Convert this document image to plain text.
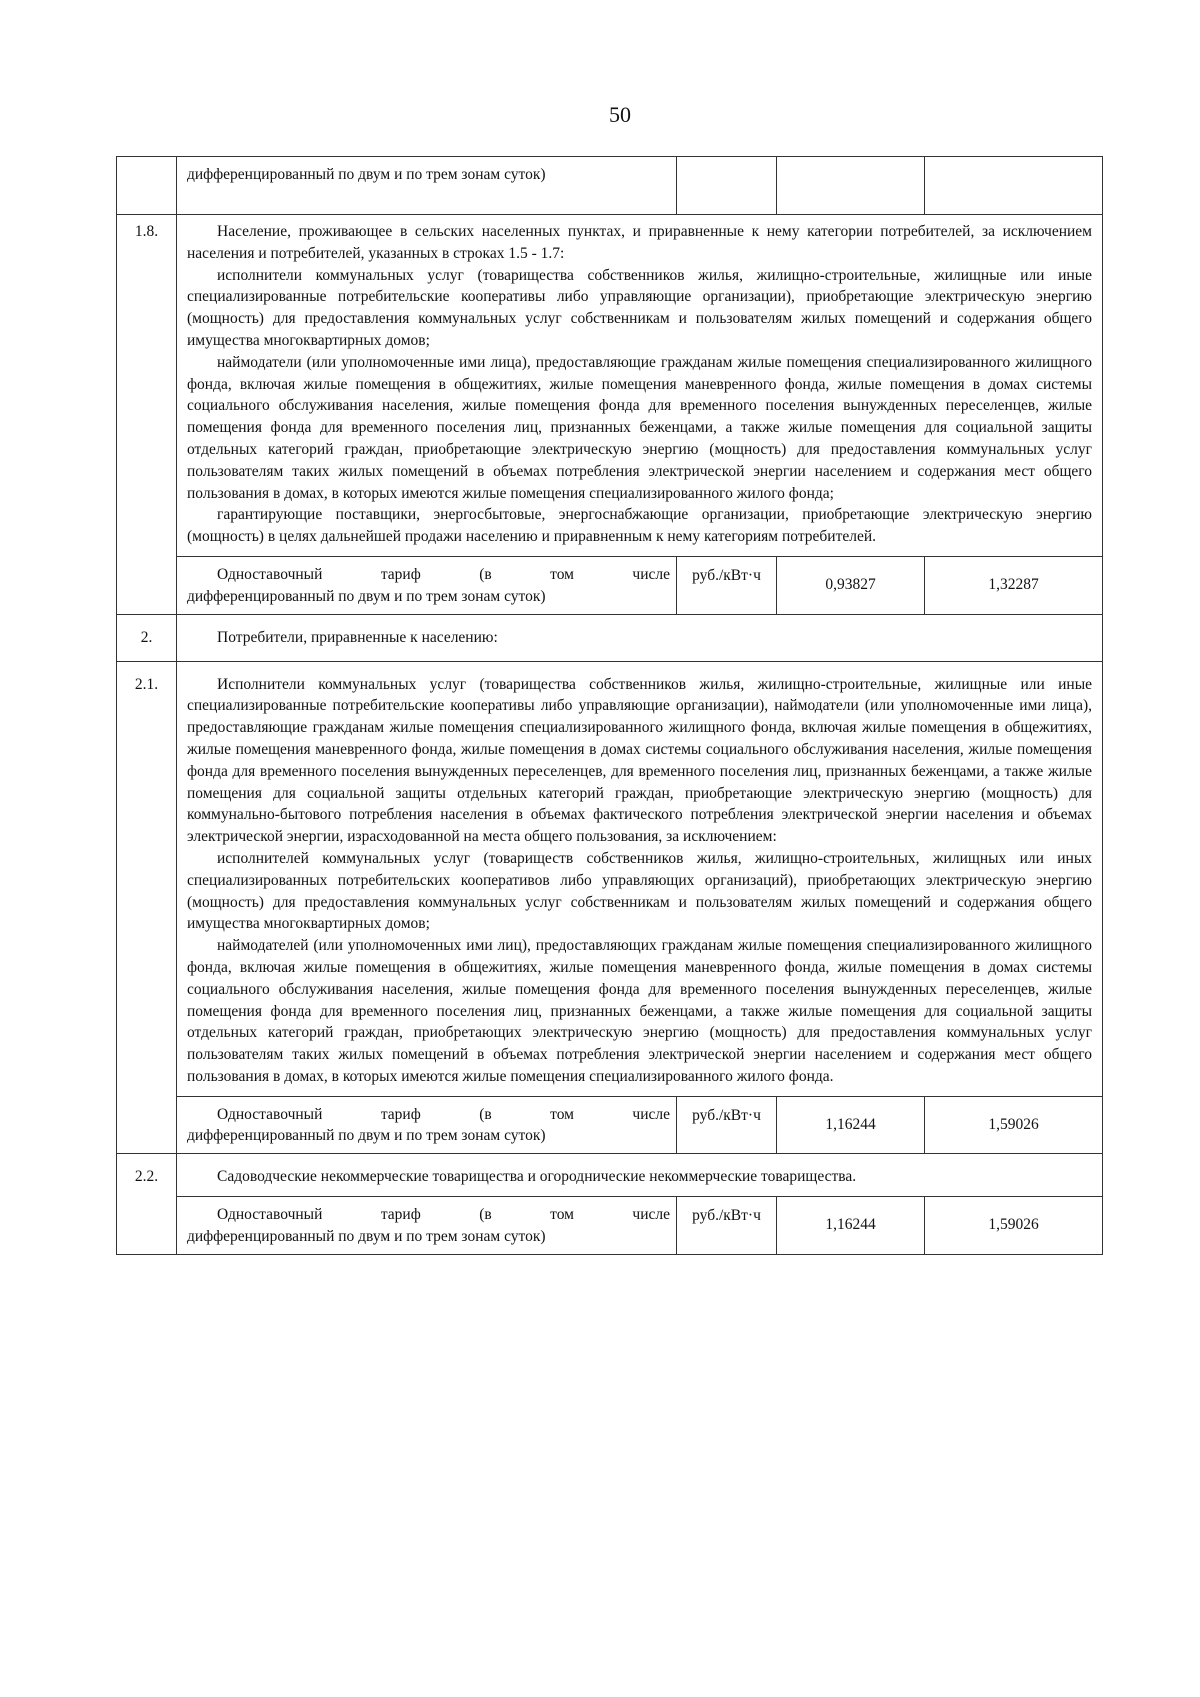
50
	дифференцированный по двум и по трем зонам суток)			
1.8.	Население, проживающее в сельских населенных пунктах, и приравненные к нему категории потребителей, за исключением населения и потребителей, указанных в строках 1.5 - 1.7:

исполнители коммунальных услуг (товарищества собственников жилья, жилищно-строительные, жилищные или иные специализированные потребительские кооперативы либо управляющие организации), приобретающие электрическую энергию (мощность) для предоставления коммунальных услуг собственникам и пользователям жилых помещений и содержания общего имущества многоквартирных домов;

наймодатели (или уполномоченные ими лица), предоставляющие гражданам жилые помещения специализированного жилищного фонда, включая жилые помещения в общежитиях, жилые помещения маневренного фонда, жилые помещения в домах системы социального обслуживания населения, жилые помещения фонда для временного поселения вынужденных переселенцев, жилые помещения фонда для временного поселения лиц, признанных беженцами, а также жилые помещения для социальной защиты отдельных категорий граждан, приобретающие электрическую энергию (мощность) для предоставления коммунальных услуг пользователям таких жилых помещений в объемах потребления электрической энергии населением и содержания мест общего пользования в домах, в которых имеются жилые помещения специализированного жилого фонда;

гарантирующие поставщики, энергосбытовые, энергоснабжающие организации, приобретающие электрическую энергию (мощность) в целях дальнейшей продажи населению и приравненным к нему категориям потребителей.			

	Одноставочный тариф (в том числе
дифференцированный по двум и по трем зонам суток)	руб./кВт·ч	0,93827	1,32287
2.	Потребители, приравненные к населению:			

2.1.	Исполнители коммунальных услуг (товарищества собственников жилья, жилищно-строительные, жилищные или иные специализированные потребительские кооперативы либо управляющие организации), наймодатели (или уполномоченные ими лица), предоставляющие гражданам жилые помещения специализированного жилищного фонда, включая жилые помещения в общежитиях, жилые помещения маневренного фонда, жилые помещения в домах системы социального обслуживания населения, жилые помещения фонда для временного поселения вынужденных переселенцев, для временного поселения лиц, признанных беженцами, а также жилые помещения для социальной защиты отдельных категорий граждан, приобретающие электрическую энергию (мощность) для коммунально-бытового потребления населения в объемах фактического потребления электрической энергии населения и объемах электрической энергии, израсходованной на места общего пользования, за исключением:

исполнителей коммунальных услуг (товариществ собственников жилья, жилищно-строительных, жилищных или иных специализированных потребительских кооперативов либо управляющих организаций), приобретающих электрическую энергию (мощность) для предоставления коммунальных услуг собственникам и пользователям жилых помещений и содержания общего имущества многоквартирных домов;

наймодателей (или уполномоченных ими лиц), предоставляющих гражданам жилые помещения специализированного жилищного фонда, включая жилые помещения в общежитиях, жилые помещения маневренного фонда, жилые помещения в домах системы социального обслуживания населения, жилые помещения фонда для временного поселения вынужденных переселенцев, жилые помещения фонда для временного поселения лиц, признанных беженцами, а также жилые помещения для социальной защиты отдельных категорий граждан, приобретающих электрическую энергию (мощность) для предоставления коммунальных услуг пользователям таких жилых помещений в объемах потребления электрической энергии населением и содержания мест общего пользования в домах, в которых имеются жилые помещения специализированного жилого фонда.			

	Одноставочный тариф (в том числе
дифференцированный по двум и по трем зонам суток)	руб./кВт·ч	1,16244	1,59026
2.2.	Садоводческие некоммерческие товарищества и огороднические некоммерческие товарищества.			

	Одноставочный тариф (в том числе
дифференцированный по двум и по трем зонам суток)	руб./кВт·ч	1,16244	1,59026
